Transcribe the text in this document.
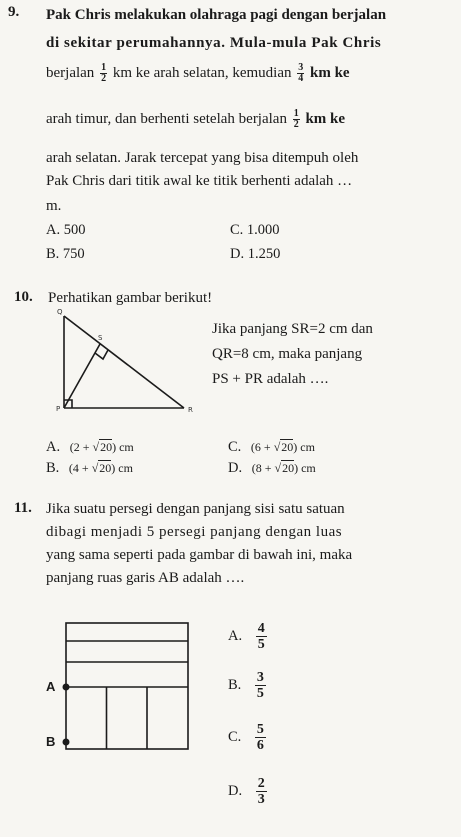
9. Pak Chris melakukan olahraga pagi dengan berjalan
di sekitar perumahannya. Mula-mula Pak Chris
berjalan $\frac{1}{2}$ km ke arah selatan, kemudian $\frac{3}{4}$ km ke
arah timur, dan berhenti setelah berjalan $\frac{1}{2}$ km ke
arah selatan. Jarak tercepat yang bisa ditempuh oleh
Pak Chris dari titik awal ke titik berhenti adalah …
m.
A. 500	C. 1.000
B. 750	D. 1.250
10. Perhatikan gambar berikut!
Q
S
P	R
Jika panjang SR=2 cm dan
QR=8 cm, maka panjang
PS + PR adalah ….
A. (2 + √20) cm	C. (6 + √20) cm
B. (4 + √20) cm	D. (8 + √20) cm
11. Jika suatu persegi dengan panjang sisi satu satuan
dibagi menjadi 5 persegi panjang dengan luas
yang sama seperti pada gambar di bawah ini, maka
panjang ruas garis AB adalah ….
A
B
A. $\frac{4}{5}$
B. $\frac{3}{5}$
C. $\frac{5}{6}$
D. $\frac{2}{3}$
